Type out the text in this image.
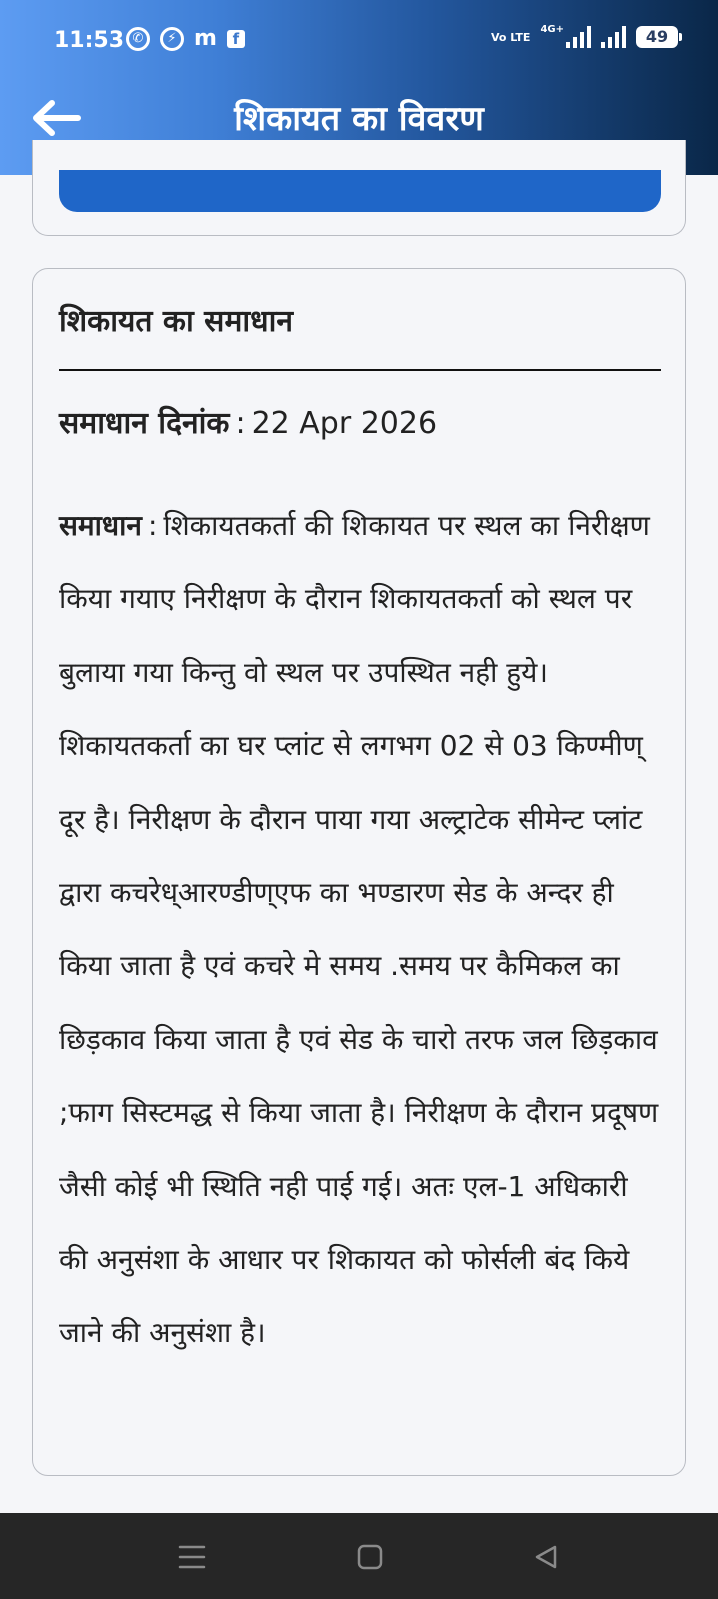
11:53 ✆	⚡ m	f	Vo LTE
4G+	49
शिकायत का विवरण
शिकायत का समाधान
समाधान दिनांक : 22 Apr 2026
समाधान : शिकायतकर्ता की शिकायत पर स्थल का निरीक्षण किया गयाए निरीक्षण के दौरान शिकायतकर्ता को स्थल पर बुलाया गया किन्तु वो स्थल पर उपस्थित नही हुये। शिकायतकर्ता का घर प्लांट से लगभग 02 से 03 किण्मीण् दूर है। निरीक्षण के दौरान पाया गया अल्ट्राटेक सीमेन्ट प्लांट द्वारा कचरेध्आरण्डीण्एफ का भण्डारण सेड के अन्दर ही किया जाता है एवं कचरे मे समय .समय पर कैमिकल का छिड़काव किया जाता है एवं सेड के चारो तरफ जल छिड़काव ;फाग सिस्टमद्ध से किया जाता है। निरीक्षण के दौरान प्रदूषण जैसी कोई भी स्थिति नही पाई गई। अतः एल-1 अधिकारी की अनुसंशा के आधार पर शिकायत को फोर्सली बंद किये जाने की अनुसंशा है।
